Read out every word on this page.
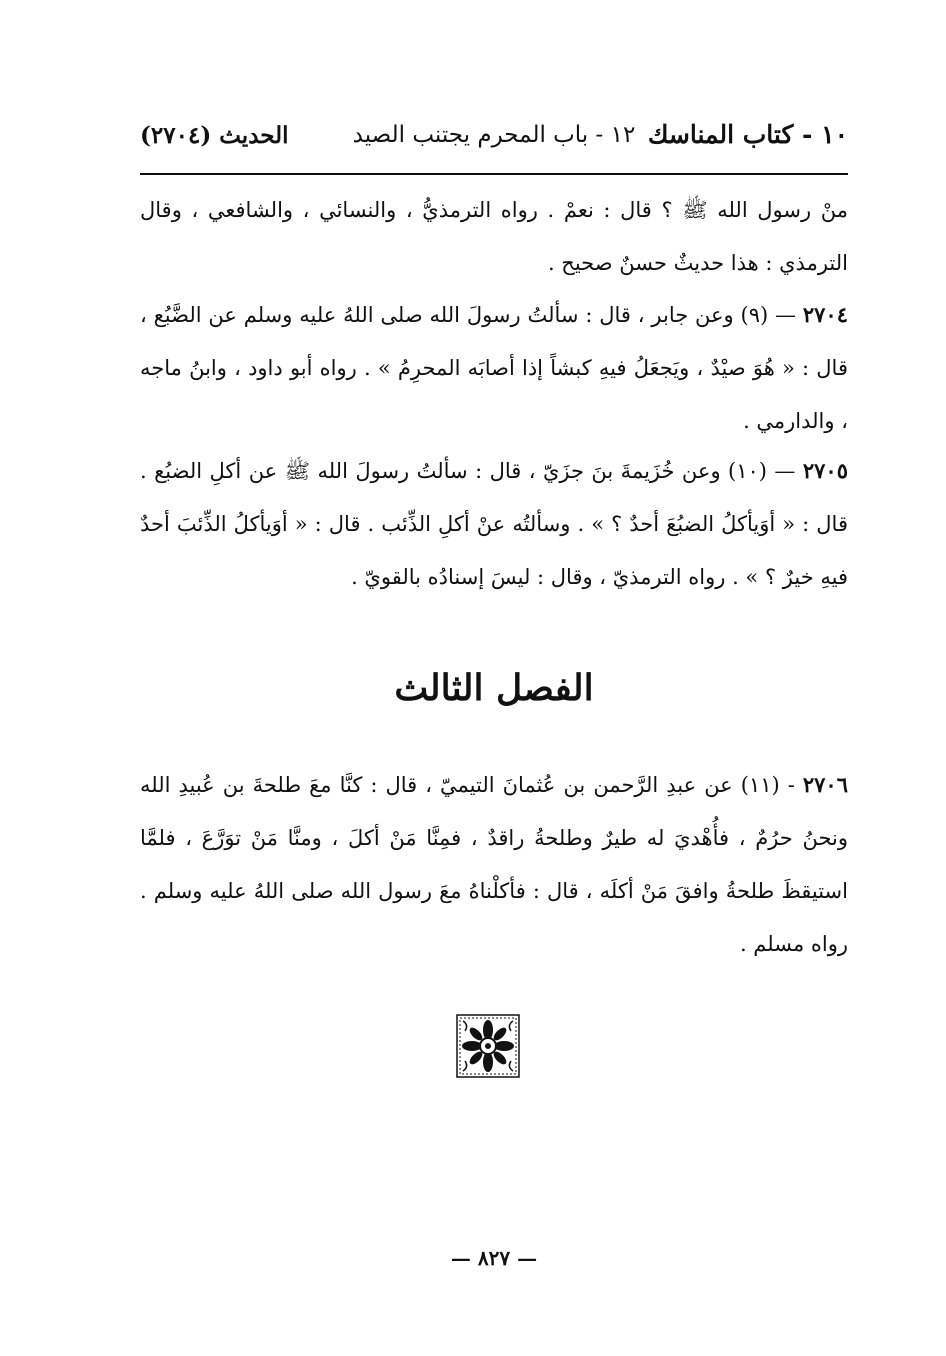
١٠ - كتاب المناسك
١٢ - باب المحرم يجتنب الصيد
الحديث (٢٧٠٤)
منْ رسول الله ﷺ ؟ قال : نعمْ . رواه الترمذيُّ ، والنسائي ، والشافعي ، وقال الترمذي : هذا حديثٌ حسنٌ صحيح .
٢٧٠٤ — (٩) وعن جابر ، قال : سألتُ رسولَ الله صلى اللهُ عليه وسلم عن الضَّبُع ، قال : « هُوَ صيْدٌ ، ويَجعَلُ فيهِ كبشاً إذا أصابَه المحرِمُ » . رواه أبو داود ، وابنُ ماجه ، والدارمي .
٢٧٠٥ — (١٠) وعن خُزَيمةَ بنَ جزَيّ ، قال : سألتُ رسولَ الله ﷺ عن أكلِ الضبُع . قال : « أوَيأكلُ الضبُعَ أحدٌ ؟ » . وسألتُه عنْ أكلِ الذِّئب . قال : « أوَيأكلُ الذِّئبَ أحدٌ فيهِ خيرٌ ؟ » . رواه الترمذيّ ، وقال : ليسَ إسنادُه بالقويّ .
الفصل الثالث
٢٧٠٦ - (١١) عن عبدِ الرَّحمن بن عُثمانَ التيميّ ، قال : كنَّا معَ طلحةَ بن عُبيدِ الله ونحنُ حرُمٌ ، فأُهْديَ له طيرٌ وطلحةُ راقدٌ ، فمِنَّا مَنْ أكلَ ، ومنَّا مَنْ توَرَّعَ ، فلمَّا استيقظَ طلحةُ وافقَ مَنْ أكلَه ، قال : فأكلْناهُ معَ رسول الله صلى اللهُ عليه وسلم . رواه مسلم .
— ٨٢٧ —
